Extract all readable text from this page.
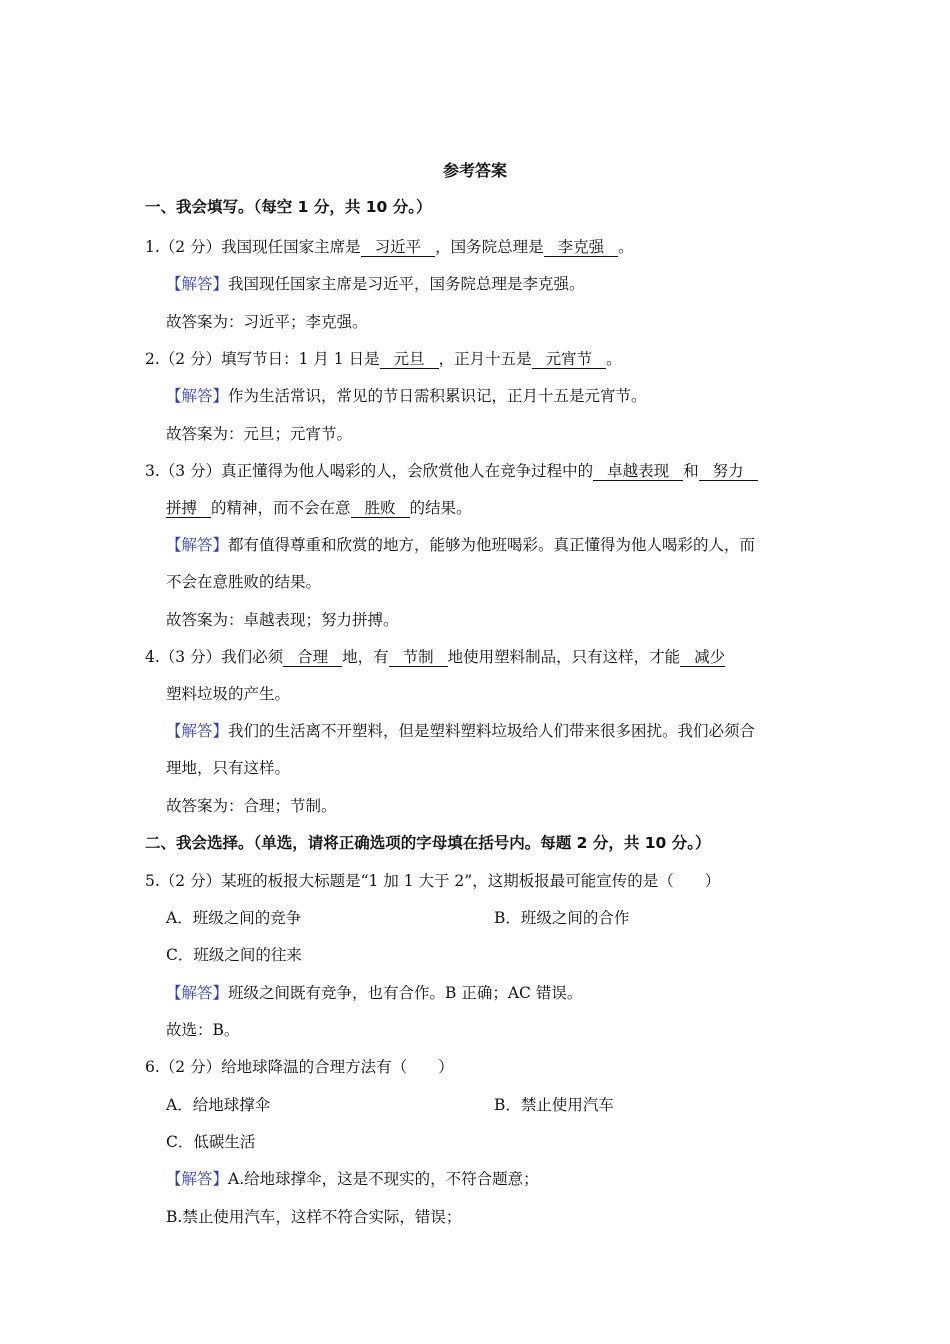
参考答案
一、我会填写。（每空 1 分，共 10 分。）
1.（2 分）我国现任国家主席是 习近平 ，国务院总理是 李克强 。
【解答】我国现任国家主席是习近平，国务院总理是李克强。
故答案为：习近平；李克强。
2.（2 分）填写节日：1 月 1 日是 元旦 ，正月十五是 元宵节 。
【解答】作为生活常识，常见的节日需积累识记，正月十五是元宵节。
故答案为：元旦；元宵节。
3.（3 分）真正懂得为他人喝彩的人，会欣赏他人在竞争过程中的 卓越表现 和 努力
拼搏 的精神，而不会在意 胜败 的结果。
【解答】都有值得尊重和欣赏的地方，能够为他班喝彩。真正懂得为他人喝彩的人，而
不会在意胜败的结果。
故答案为：卓越表现；努力拼搏。
4.（3 分）我们必须 合理 地，有 节制 地使用塑料制品，只有这样，才能 减少
塑料垃圾的产生。
【解答】我们的生活离不开塑料，但是塑料塑料垃圾给人们带来很多困扰。我们必须合
理地，只有这样。
故答案为：合理；节制。
二、我会选择。（单选，请将正确选项的字母填在括号内。每题 2 分，共 10 分。）
5.（2 分）某班的板报大标题是“1 加 1 大于 2”，这期板报最可能宣传的是（　　）
A．班级之间的竞争	B．班级之间的合作
C．班级之间的往来
【解答】班级之间既有竞争，也有合作。B 正确；AC 错误。
故选：B。
6.（2 分）给地球降温的合理方法有（　　）
A．给地球撑伞	B．禁止使用汽车
C．低碳生活
【解答】A.给地球撑伞，这是不现实的，不符合题意；
B.禁止使用汽车，这样不符合实际，错误；
